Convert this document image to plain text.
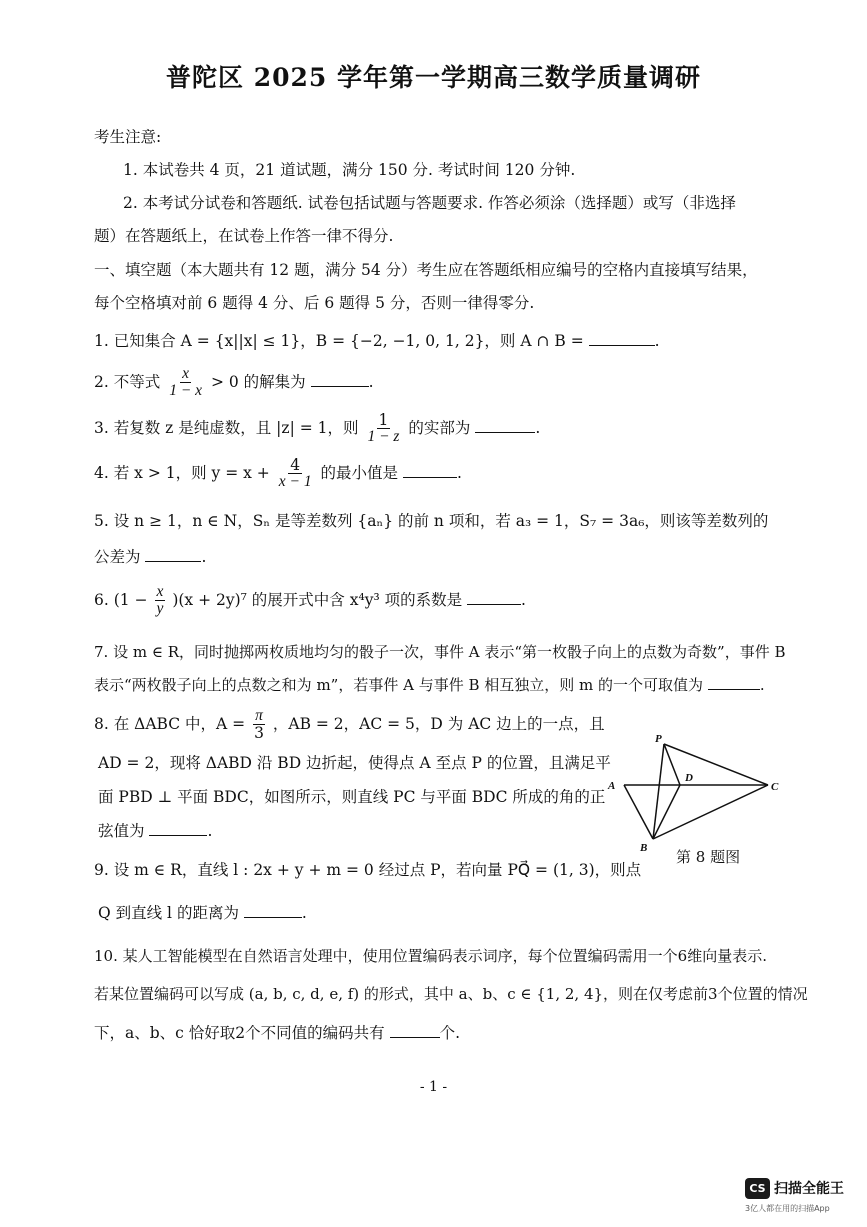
普陀区 2025 学年第一学期高三数学质量调研
考生注意:
1. 本试卷共 4 页，21 道试题，满分 150 分. 考试时间 120 分钟.
2. 本考试分试卷和答题纸. 试卷包括试题与答题要求. 作答必须涂（选择题）或写（非选择
题）在答题纸上，在试卷上作答一律不得分.
一、填空题（本大题共有 12 题，满分 54 分）考生应在答题纸相应编号的空格内直接填写结果，
每个空格填对前 6 题得 4 分、后 6 题得 5 分，否则一律得零分.
1. 已知集合 A = {x||x| ≤ 1}，B = {−2, −1, 0, 1, 2}，则 A ∩ B =	.
2. 不等式 $\frac{x}{1 - x} > 0$ 的解集为	.
3. 若复数 z 是纯虚数，且 |z| = 1，则 $\frac{1}{1 - z}$ 的实部为	.
4. 若 x > 1，则 $y = x + \frac{4}{x - 1}$ 的最小值是	.
5. 设 n ≥ 1，n ∈ N，Sₙ 是等差数列 {aₙ} 的前 n 项和，若 a₃ = 1，S₇ = 3a₆，则该等差数列的
公差为	.
6. $(1 - \frac{x}{y} )(x + 2y)^7$ 的展开式中含 x⁴y³ 项的系数是	.
7. 设 m ∈ R，同时抛掷两枚质地均匀的骰子一次，事件 A 表示“第一枚骰子向上的点数为奇数”，事件 B
表示“两枚骰子向上的点数之和为 m”，若事件 A 与事件 B 相互独立，则 m 的一个可取值为	.
8. 在 ΔABC 中，$A = \frac{\pi}{3}$ ，AB = 2，AC = 5，D 为 AC 边上的一点，且
AD = 2，现将 ΔABD 沿 BD 边折起，使得点 A 至点 P 的位置，且满足平
面 PBD ⊥ 平面 BDC，如图所示，则直线 PC 与平面 BDC 所成的角的正
弦值为	.
P
A
D
C
B 第 8 题图
9. 设 m ∈ R，直线 l : 2x + y + m = 0 经过点 P，若向量 PQ⃗ = (1, 3)，则点
Q 到直线 l 的距离为	.
10. 某人工智能模型在自然语言处理中，使用位置编码表示词序，每个位置编码需用一个6维向量表示.
若某位置编码可以写成 (a, b, c, d, e, f) 的形式，其中 a、b、c ∈ {1, 2, 4}，则在仅考虑前3个位置的情况
下，a、b、c 恰好取2个不同值的编码共有	个.
- 1 -
CS 扫描全能王
3亿人都在用的扫描App
